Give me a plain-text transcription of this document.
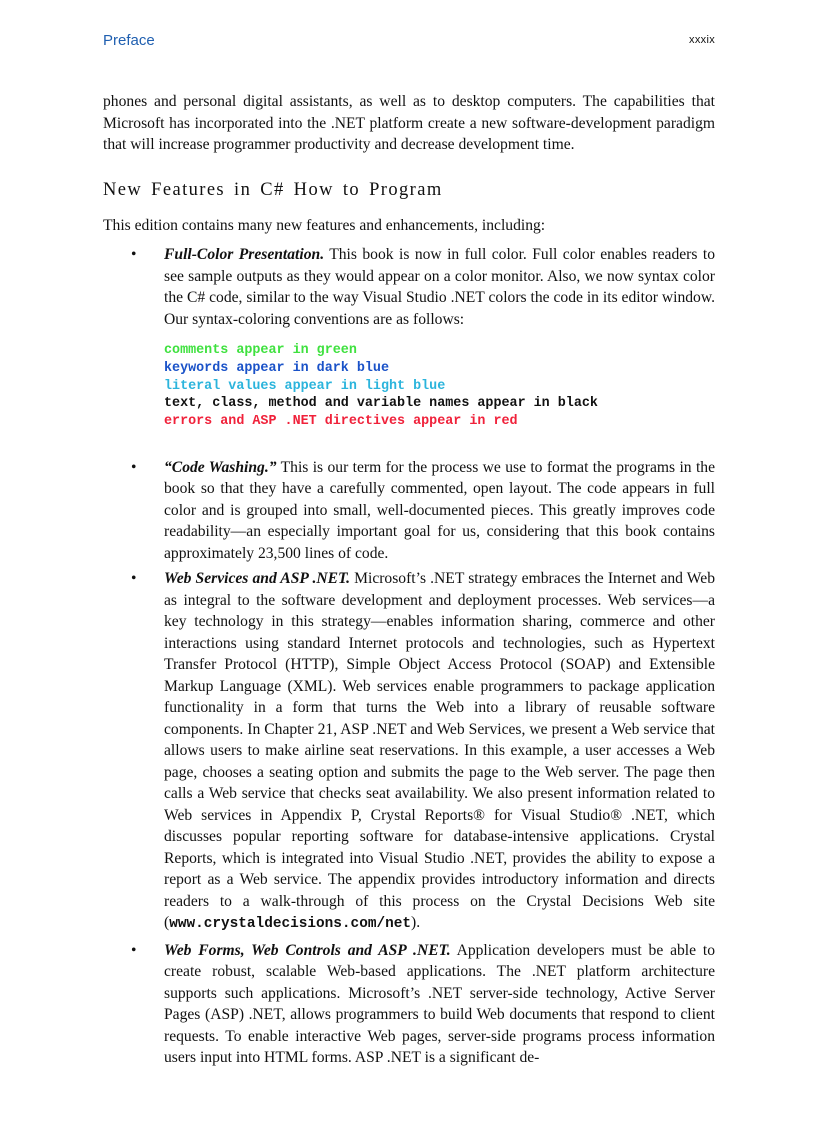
Preface	xxxix

phones and personal digital assistants, as well as to desktop computers. The capabilities that Microsoft has incorporated into the .NET platform create a new software-development paradigm that will increase programmer productivity and decrease development time.

New Features in C# How to Program

This edition contains many new features and enhancements, including:

• Full-Color Presentation. This book is now in full color. Full color enables readers to see sample outputs as they would appear on a color monitor. Also, we now syntax color the C# code, similar to the way Visual Studio .NET colors the code in its editor window. Our syntax-coloring conventions are as follows:

comments appear in green
keywords appear in dark blue
literal values appear in light blue
text, class, method and variable names appear in black
errors and ASP .NET directives appear in red
• “Code Washing.” This is our term for the process we use to format the programs in the book so that they have a carefully commented, open layout. The code appears in full color and is grouped into small, well-documented pieces. This greatly improves code readability—an especially important goal for us, considering that this book contains approximately 23,500 lines of code.

• Web Services and ASP .NET. Microsoft’s .NET strategy embraces the Internet and Web as integral to the software development and deployment processes. Web services—a key technology in this strategy—enables information sharing, commerce and other interactions using standard Internet protocols and technologies, such as Hypertext Transfer Protocol (HTTP), Simple Object Access Protocol (SOAP) and Extensible Markup Language (XML). Web services enable programmers to package application functionality in a form that turns the Web into a library of reusable software components. In Chapter 21, ASP .NET and Web Services, we present a Web service that allows users to make airline seat reservations. In this example, a user accesses a Web page, chooses a seating option and submits the page to the Web server. The page then calls a Web service that checks seat availability. We also present information related to Web services in Appendix P, Crystal Reports® for Visual Studio® .NET, which discusses popular reporting software for database-intensive applications. Crystal Reports, which is integrated into Visual Studio .NET, provides the ability to expose a report as a Web service. The appendix provides introductory information and directs readers to a walk-through of this process on the Crystal Decisions Web site (www.crystaldecisions.com/net).

• Web Forms, Web Controls and ASP .NET. Application developers must be able to create robust, scalable Web-based applications. The .NET platform architecture supports such applications. Microsoft’s .NET server-side technology, Active Server Pages (ASP) .NET, allows programmers to build Web documents that respond to client requests. To enable interactive Web pages, server-side programs process information users input into HTML forms. ASP .NET is a significant de-
